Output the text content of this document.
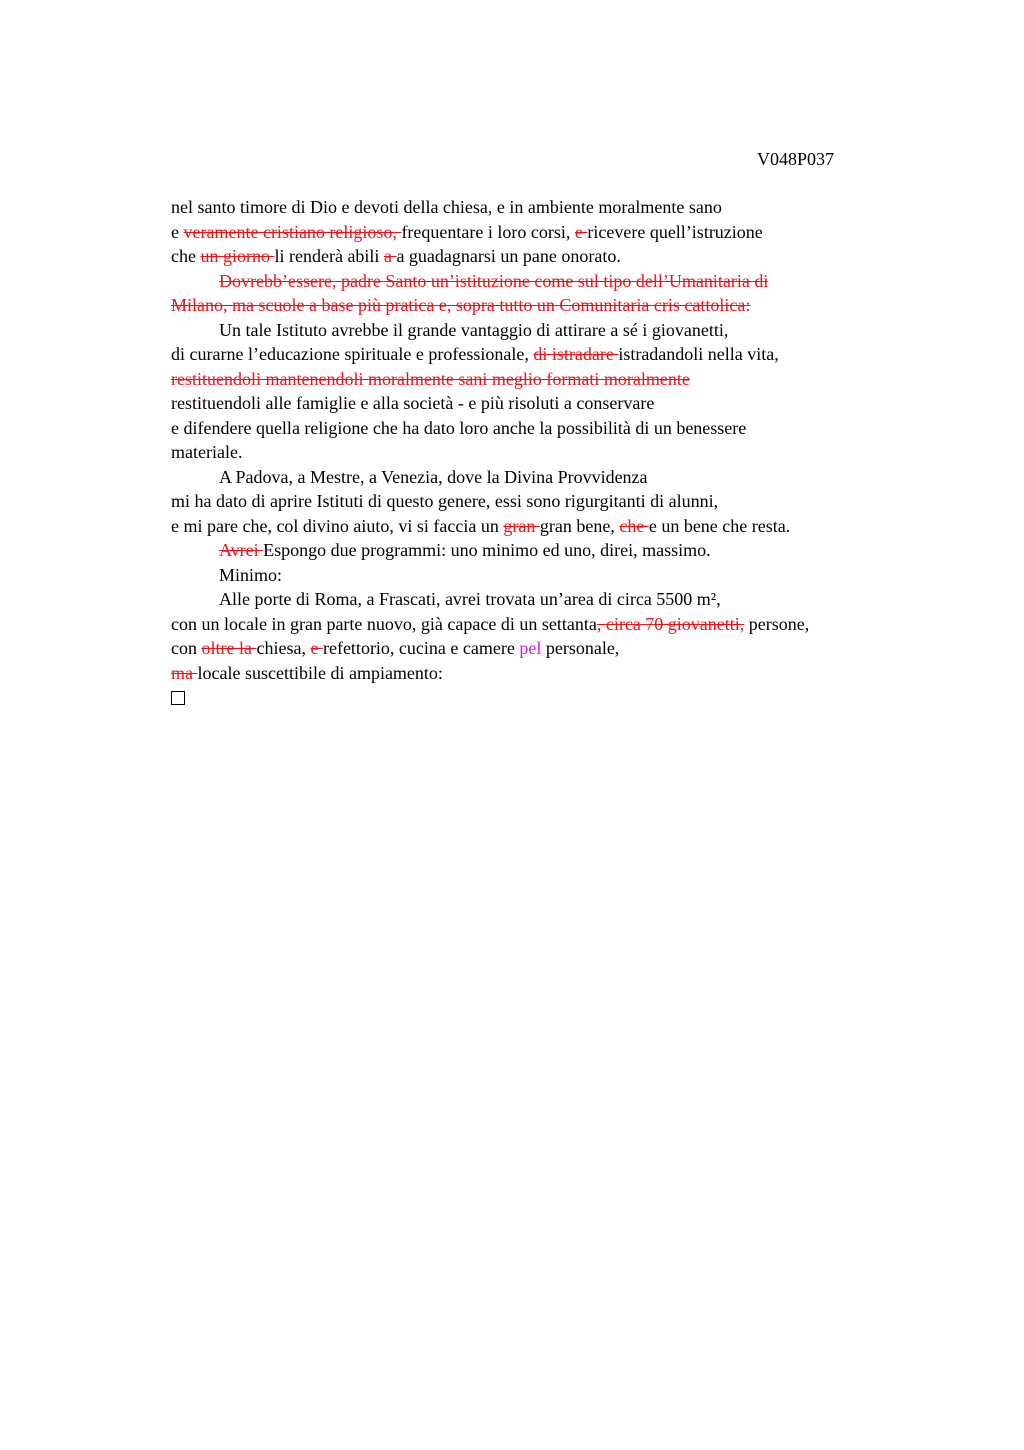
V048P037
nel santo timore di Dio e devoti della chiesa, e in ambiente moralmente sano
e veramente cristiano religioso, frequentare i loro corsi, e ricevere quell’istruzione
che un giorno li renderà abili a a guadagnarsi un pane onorato.
Dovrebb’essere, padre Santo un’istituzione come sul tipo dell’Umanitaria di
Milano, ma scuole a base più pratica e, sopra tutto un Comunitaria cris cattolica:
Un tale Istituto avrebbe il grande vantaggio di attirare a sé i giovanetti,
di curarne l’educazione spirituale e professionale, di istradare istradandoli nella vita,
restituendoli mantenendoli moralmente sani meglio formati moralmente
restituendoli alle famiglie e alla società - e più risoluti a conservare
e difendere quella religione che ha dato loro anche la possibilità di un benessere
materiale.
A Padova, a Mestre, a Venezia, dove la Divina Provvidenza
mi ha dato di aprire Istituti di questo genere, essi sono rigurgitanti di alunni,
e mi pare che, col divino aiuto, vi si faccia un gran gran bene, che e un bene che resta.
Avrei Espongo due programmi: uno minimo ed uno, direi, massimo.
Minimo:
Alle porte di Roma, a Frascati, avrei trovata un’area di circa 5500 m²,
con un locale in gran parte nuovo, già capace di un settanta, circa 70 giovanetti, persone,
con oltre la chiesa, e refettorio, cucina e camere pel personale,
ma locale suscettibile di ampiamento:
